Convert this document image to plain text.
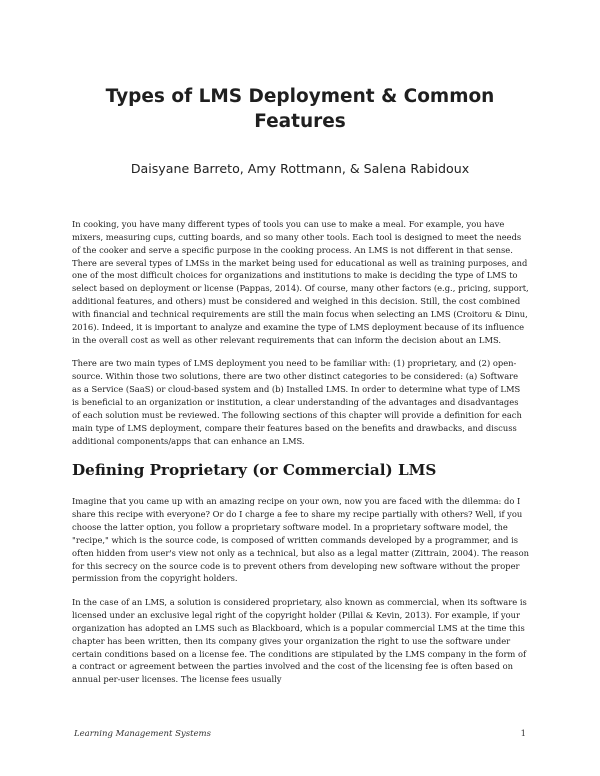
Types of LMS Deployment & Common Features
Daisyane Barreto, Amy Rottmann, & Salena Rabidoux

In cooking, you have many different types of tools you can use to make a meal. For example, you have mixers, measuring cups, cutting boards, and so many other tools. Each tool is designed to meet the needs of the cooker and serve a specific purpose in the cooking process. An LMS is not different in that sense. There are several types of LMSs in the market being used for educational as well as training purposes, and one of the most difficult choices for organizations and institutions to make is deciding the type of LMS to select based on deployment or license (Pappas, 2014). Of course, many other factors (e.g., pricing, support, additional features, and others) must be considered and weighed in this decision. Still, the cost combined with financial and technical requirements are still the main focus when selecting an LMS (Croitoru & Dinu, 2016). Indeed, it is important to analyze and examine the type of LMS deployment because of its influence in the overall cost as well as other relevant requirements that can inform the decision about an LMS.

There are two main types of LMS deployment you need to be familiar with: (1) proprietary, and (2) open-source. Within those two solutions, there are two other distinct categories to be considered: (a) Software as a Service (SaaS) or cloud-based system and (b) Installed LMS. In order to determine what type of LMS is beneficial to an organization or institution, a clear understanding of the advantages and disadvantages of each solution must be reviewed. The following sections of this chapter will provide a definition for each main type of LMS deployment, compare their features based on the benefits and drawbacks, and discuss additional components/apps that can enhance an LMS.

Defining Proprietary (or Commercial) LMS

Imagine that you came up with an amazing recipe on your own, now you are faced with the dilemma: do I share this recipe with everyone? Or do I charge a fee to share my recipe partially with others? Well, if you choose the latter option, you follow a proprietary software model. In a proprietary software model, the "recipe," which is the source code, is composed of written commands developed by a programmer, and is often hidden from user's view not only as a technical, but also as a legal matter (Zittrain, 2004). The reason for this secrecy on the source code is to prevent others from developing new software without the proper permission from the copyright holders.

In the case of an LMS, a solution is considered proprietary, also known as commercial, when its software is licensed under an exclusive legal right of the copyright holder (Pillai & Kevin, 2013). For example, if your organization has adopted an LMS such as Blackboard, which is a popular commercial LMS at the time this chapter has been written, then its company gives your organization the right to use the software under certain conditions based on a license fee. The conditions are stipulated by the LMS company in the form of a contract or agreement between the parties involved and the cost of the licensing fee is often based on annual per-user licenses. The license fees usually

Learning Management Systems	1
